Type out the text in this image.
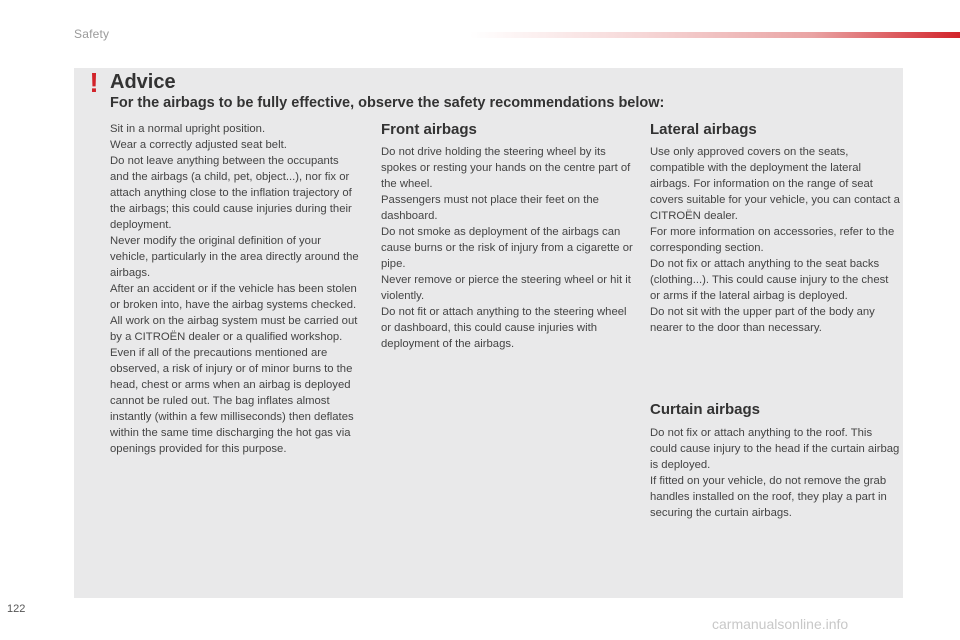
Safety
! Advice
For the airbags to be fully effective, observe the safety recommendations below:

Sit in a normal upright position.

Wear a correctly adjusted seat belt.

Do not leave anything between the occupants and the airbags (a child, pet, object...), nor fix or attach anything close to the inflation trajectory of the airbags; this could cause injuries during their deployment.

Never modify the original definition of your vehicle, particularly in the area directly around the airbags.

After an accident or if the vehicle has been stolen or broken into, have the airbag systems checked.

All work on the airbag system must be carried out by a CITROËN dealer or a qualified workshop.

Even if all of the precautions mentioned are observed, a risk of injury or of minor burns to the head, chest or arms when an airbag is deployed cannot be ruled out. The bag inflates almost instantly (within a few milliseconds) then deflates within the same time discharging the hot gas via openings provided for this purpose.

Front airbags

Do not drive holding the steering wheel by its spokes or resting your hands on the centre part of the wheel.

Passengers must not place their feet on the dashboard.

Do not smoke as deployment of the airbags can cause burns or the risk of injury from a cigarette or pipe.

Never remove or pierce the steering wheel or hit it violently.

Do not fit or attach anything to the steering wheel or dashboard, this could cause injuries with deployment of the airbags.

Lateral airbags

Use only approved covers on the seats, compatible with the deployment the lateral airbags. For information on the range of seat covers suitable for your vehicle, you can contact a CITROËN dealer.

For more information on accessories, refer to the corresponding section.

Do not fix or attach anything to the seat backs (clothing...). This could cause injury to the chest or arms if the lateral airbag is deployed.

Do not sit with the upper part of the body any nearer to the door than necessary.

Curtain airbags

Do not fix or attach anything to the roof. This could cause injury to the head if the curtain airbag is deployed.

If fitted on your vehicle, do not remove the grab handles installed on the roof, they play a part in securing the curtain airbags.

122
carmanualsonline.info
